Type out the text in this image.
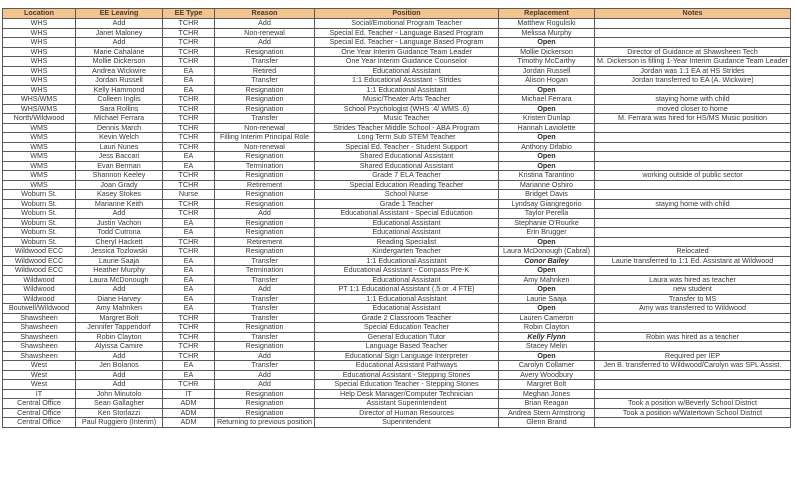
Location	EE Leaving	EE Type	Reason	Position	Replacement	Notes
WHS	Add	TCHR	Add	Social/Emotional Program Teacher	Matthew Roguliski	
WHS	Janet Maloney	TCHR	Non-renewal	Special Ed. Teacher - Language Based Program	Melissa Murphy	
WHS	Add	TCHR	Add	Special Ed. Teacher - Language Based Program	Open	
WHS	Marie Cahalane	TCHR	Resignation	One Year Interim Guidance Team Leader	Mollie Dickerson	Director of Guidance at Shawsheen Tech
WHS	Mollie Dickerson	TCHR	Transfer	One Year Interim Guidance Counselor	Timothy McCarthy	M. Dickerson is filling 1-Year Interim Guidance Team Leader
WHS	Andrea Wickwire	EA	Retired	Educational Assistant	Jordan Russell	Jordan was 1:1 EA at HS Strides
WHS	Jordan Russell	EA	Transfer	1:1 Educational Assistant - Strides	Alison Hogan	Jordan transferred to EA (A. Wickwire)
WHS	Kelly Hammond	EA	Resignation	1:1 Educational Assistant	Open	
WHS/WMS	Colleen Inglis	TCHR	Resignation	Music/Theater Arts Teacher	Michael Ferrara	staying home with child
WHS/WMS	Sara Rollins	TCHR	Resignation	School Psychologist (WHS .4/ WMS .6)	Open	moved closer to home
North/Wildwood	Michael Ferrara	TCHR	Transfer	Music Teacher	Kristen Dunlap	M. Ferrara was hired for HS/MS Music position
WMS	Dennis March	TCHR	Non-renewal	Strides Teacher Middle School - ABA Program	Hannah Laviolette	
WMS	Kevin Welch	TCHR	Filling Interim Principal Role	Long Term Sub STEM Teacher	Open	
WMS	Lauri Nunes	TCHR	Non-renewal	Special Ed. Teacher - Student Support	Anthony Difabio	
WMS	Jess Baccari	EA	Resignation	Shared Educational Assistant	Open	
WMS	Evan Berman	EA	Termination	Shared Educational Assistant	Open	
WMS	Shannon Keeley	TCHR	Resignation	Grade 7 ELA Teacher	Kristina Tarantino	working outside of public sector
WMS	Joan Grady	TCHR	Retirement	Special Education Reading Teacher	Marianne Oshiro	
Woburn St.	Kasey Stokes	Nurse	Resignation	School Nurse	Bridget Davis	
Woburn St.	Marianne Keith	TCHR	Resignation	Grade 1 Teacher	Lyndsay Giangregorio	staying home with child
Woburn St.	Add	TCHR	Add	Educational Assistant - Special Education	Taylor Perella	
Woburn St.	Justin Vachon	EA	Resignation	Educational Assistant	Stephanie O'Rourke	
Woburn St.	Todd Cutrona	EA	Resignation	Educational Assistant	Erin Brugger	
Woburn St.	Cheryl Hackett	TCHR	Retirement	Reading Specialist	Open	
Wildwood ECC	Jessica Tozlowski	TCHR	Resignation	Kindergarten Teacher	Laura McDonough (Cabral)	Relocated
Wildwood ECC	Laurie Saaja	EA	Transfer	1:1 Educational Assistant	Conor Bailey	Laurie transferred to 1:1 Ed. Assistant at Wildwood
Wildwood ECC	Heather Murphy	EA	Termination	Educational Assistant - Compass Pre-K	Open	
Wildwood	Laura McDonough	EA	Transfer	Educational Assistant	Amy Mahnken	Laura was hired as teacher
Wildwood	Add	EA	Add	PT 1:1 Educational Assistant (.5 or .4 FTE)	Open	new student
Wildwood	Diane Harvey	EA	Transfer	1:1 Educational Assistant	Laurie Saaja	Transfer to MS
Boutwell/Wildwood	Amy Mahnken	EA	Transfer	Educational Assistant	Open	Amy was transferred to Wildwood
Shawsheen	Margret Bolt	TCHR	Transfer	Grade 2 Classroom Teacher	Lauren Cameron	
Shawsheen	Jennifer Tappendorf	TCHR	Resignation	Special Education Teacher	Robin Clayton	
Shawsheen	Robin Clayton	TCHR	Transfer	General Education Tutor	Kelly Flynn	Robin was hired as a teacher
Shawsheen	Alyissa Camire	TCHR	Resignation	Language Based Teacher	Stacey Melin	
Shawsheen	Add	TCHR	Add	Educational Sign Language Interpreter	Open	Required per IEP
West	Jen Bolanos	EA	Transfer	Educational Assistant Pathways	Carolyn Collamer	Jen B. transferred to Wildwood/Carolyn was SPL Assist.
West	Add	EA	Add	Educational Assistant - Stepping Stones	Avery Woodbury	
West	Add	TCHR	Add	Special Education Teacher - Stepping Stones	Margret Bolt	
IT	John Minutolo	IT	Resignation	Help Desk Manager/Computer Technician	Meghan Jones	
Central Office	Sean Gallagher	ADM	Resignation	Assistant Superintendent	Brian Reagan	Took a position w/Beverly School District
Central Office	Ken Storlazzi	ADM	Resignation	Director of Human Resources	Andrea Stern Armstrong	Took a position w/Watertown School District
Central Office	Paul Ruggiero (Interim)	ADM	Returning to previous position	Superintendent	Glenn Brand	
